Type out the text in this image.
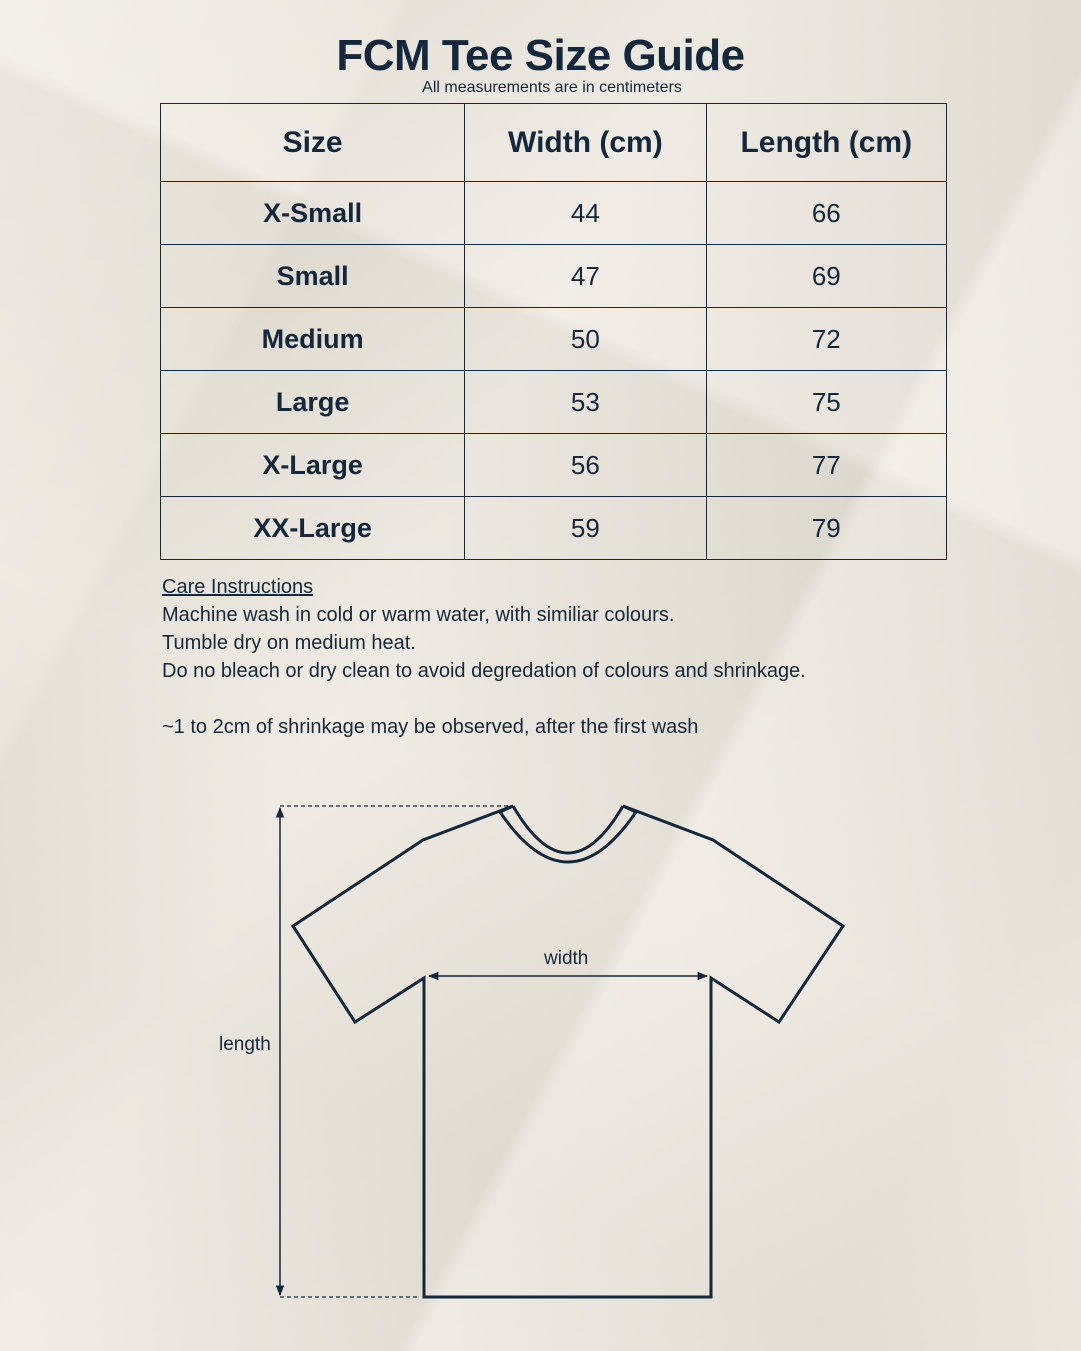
FCM Tee Size Guide
All measurements are in centimeters
Size	Width (cm)	Length (cm)
X-Small	44	66
Small	47	69
Medium	50	72
Large	53	75
X-Large	56	77
XX-Large	59	79
Care Instructions
Machine wash in cold or warm water, with similiar colours.
Tumble dry on medium heat.
Do no bleach or dry clean to avoid degredation of colours and shrinkage.
~1 to 2cm of shrinkage may be observed, after the first wash
width
length
